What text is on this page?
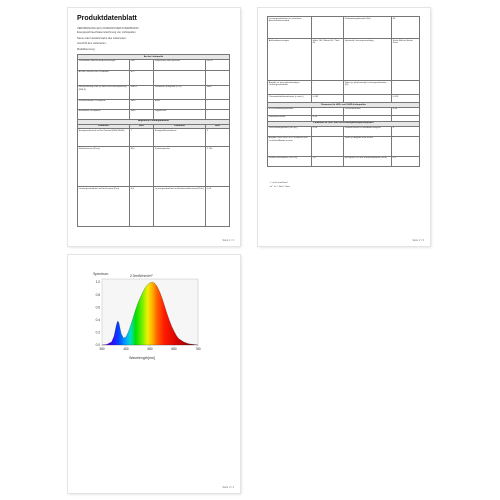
Produktdatenblatt
VERORDNUNG (EU) 2019/2015 DER KOMMISSION
Energieverbrauchskennzeichnung von Lichtquellen
Name oder Handelsmarke des Lieferanten:
Anschrift des Lieferanten:
Modellkennung:
Art der Lichtquelle			
Verwendete Beleuchtungstechnologie	LED	Ungerichtet oder gerichtet	NDLS
Art des Sockels der Lichtquelle	E27		
Netzspannung (NMLS) oder Nicht-Netzspannung (NNLS)	NMLS	Vernetzte Lichtquelle (CLS)	Nein
Farbeinstellbare Lichtquelle	Nein	Hülle	-
Blendarme Lichtquelle	Nein	Doppelhülle	-
Allgemeine Produktparameter			
Parameter	Wert	Parameter	Wert
Energieverbrauch im Ein-Zustand (kWh/1000h)	7	Energieeffizienzklasse	F
Nutzlichtstrom (Φuse)	810	Farbtemperatur	2.700
Leistungsaufnahme im Ein-Zustand (Pon)	6,8	Leistungsaufnahme im Bereitschaftszustand (Psb)	0,00
Seite 1 / 3
Leistungsaufnahme im vernetzten Bereitschaftszustand	-	Farbwiedergabeindex (Ra)	80
Außenabmessungen	Höhe 104 / Breite 60 / Tiefe 60	Spektrale Leistungsverteilung	Siehe Bild auf letzter Seite
Angabe zu einer gleichwertigen Leistungsaufnahme	-	Wenn ja: gleichwertige Leistungsaufnahme (W)	-
Chromatizitätskoordinaten (x und y)	0,459		0,410
Parameter für LED- und OLED-Lichtquellen			
R9-Farbwiedergabeindex	-	Lichtstromerhalt	0,90
Überlebensfaktor	0,90		
Parameter für LED- und OLED-Netzspannungslichtquellen			
Verschiebungsfaktor (cos φ1)	0,50	Farbkonsistenz in MacAdam-Ellipsen	6
Angabe, dass eine LED-Lichtquelle eine Leuchtstofflampe ersetzt	-	Wenn ja: Angabe zum Ersatz	-
Flimmer-Messgröße (Pst LM)	1,0	Messgröße für den Stroboskopeffekt (SVM)	0,4
„-": nicht zutreffend
„Ja": Ja / „Nein": Nein
Seite 2 / 3
380	480	580	680	780
1.0
0.8
0.6
0.4
0.2
0.0
Spectrum	2.5mW/nm/m²
Wavelength[nm]
Seite 3 / 3
